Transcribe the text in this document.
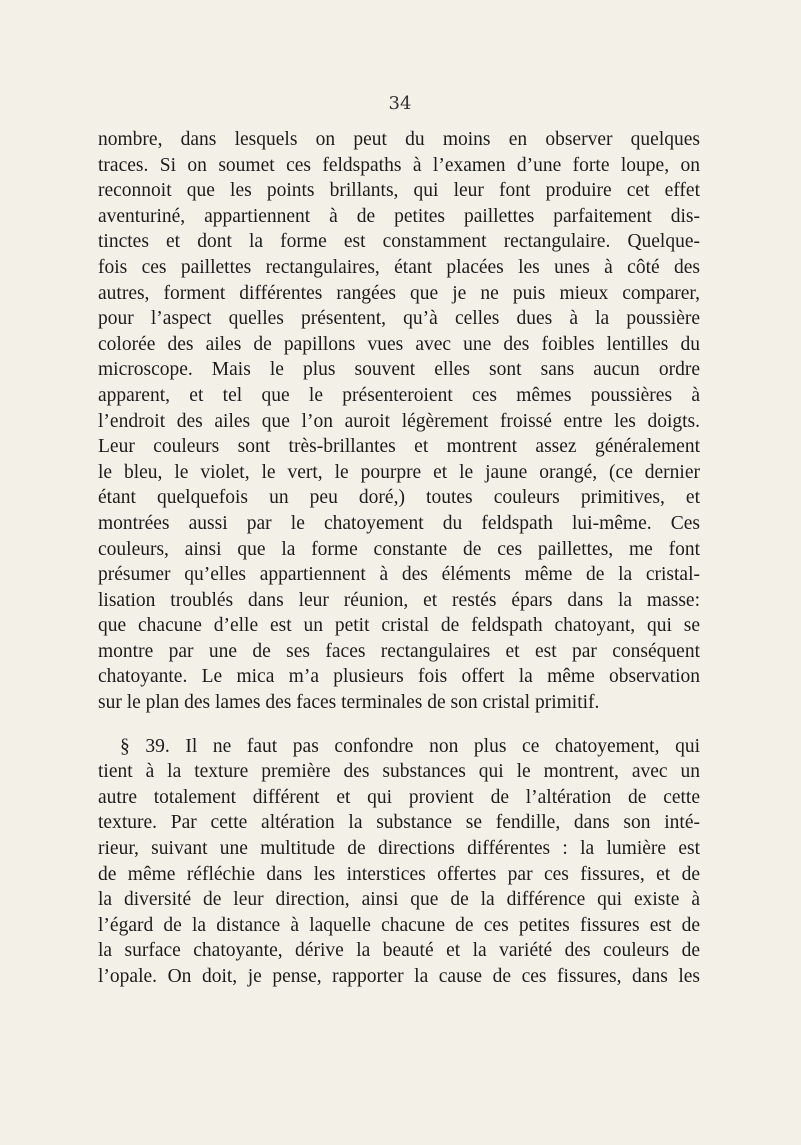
34
nombre, dans lesquels on peut du moins en observer quelques
traces. Si on soumet ces feldspaths à l’examen d’une forte loupe, on
reconnoit que les points brillants, qui leur font produire cet effet
aventuriné, appartiennent à de petites paillettes parfaitement dis-
tinctes et dont la forme est constamment rectangulaire. Quelque-
fois ces paillettes rectangulaires, étant placées les unes à côté des
autres, forment différentes rangées que je ne puis mieux comparer,
pour l’aspect quelles présentent, qu’à celles dues à la poussière
colorée des ailes de papillons vues avec une des foibles lentilles du
microscope. Mais le plus souvent elles sont sans aucun ordre
apparent, et tel que le présenteroient ces mêmes poussières à
l’endroit des ailes que l’on auroit légèrement froissé entre les doigts.
Leur couleurs sont très-brillantes et montrent assez généralement
le bleu, le violet, le vert, le pourpre et le jaune orangé, (ce dernier
étant quelquefois un peu doré,) toutes couleurs primitives, et
montrées aussi par le chatoyement du feldspath lui-même. Ces
couleurs, ainsi que la forme constante de ces paillettes, me font
présumer qu’elles appartiennent à des éléments même de la cristal-
lisation troublés dans leur réunion, et restés épars dans la masse:
que chacune d’elle est un petit cristal de feldspath chatoyant, qui se
montre par une de ses faces rectangulaires et est par conséquent
chatoyante. Le mica m’a plusieurs fois offert la même observation
sur le plan des lames des faces terminales de son cristal primitif.
§ 39. Il ne faut pas confondre non plus ce chatoyement, qui
tient à la texture première des substances qui le montrent, avec un
autre totalement différent et qui provient de l’altération de cette
texture. Par cette altération la substance se fendille, dans son inté-
rieur, suivant une multitude de directions différentes : la lumière est
de même réfléchie dans les interstices offertes par ces fissures, et de
la diversité de leur direction, ainsi que de la différence qui existe à
l’égard de la distance à laquelle chacune de ces petites fissures est de
la surface chatoyante, dérive la beauté et la variété des couleurs de
l’opale. On doit, je pense, rapporter la cause de ces fissures, dans les
